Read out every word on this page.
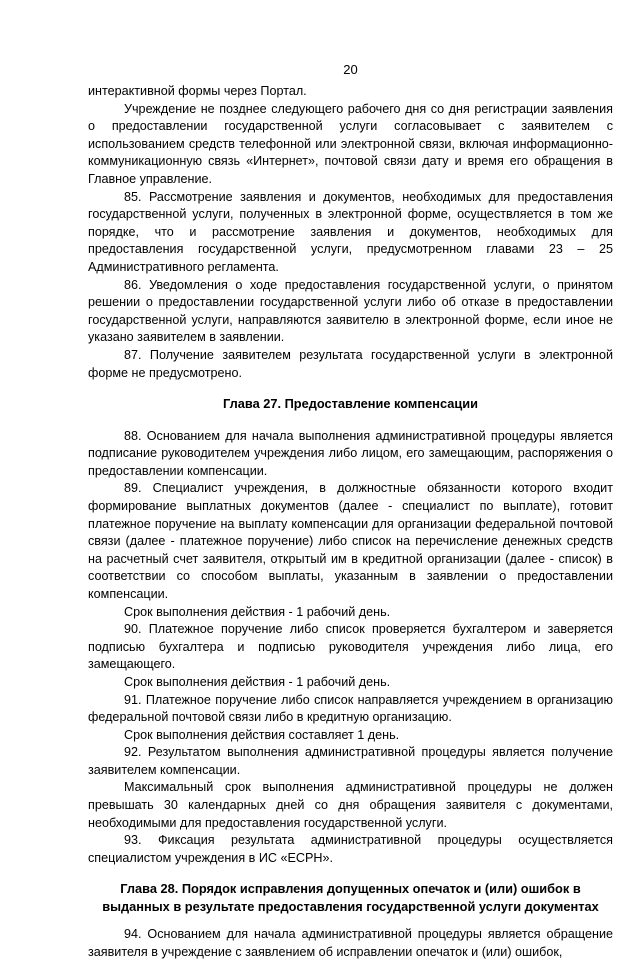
20

интерактивной формы через Портал.

Учреждение не позднее следующего рабочего дня со дня регистрации заявления о предоставлении государственной услуги согласовывает с заявителем с использованием средств телефонной или электронной связи, включая информационно-коммуникационную связь «Интернет», почтовой связи дату и время его обращения в Главное управление.

85. Рассмотрение заявления и документов, необходимых для предоставления государственной услуги, полученных в электронной форме, осуществляется в том же порядке, что и рассмотрение заявления и документов, необходимых для предоставления государственной услуги, предусмотренном главами 23 – 25 Административного регламента.

86. Уведомления о ходе предоставления государственной услуги, о принятом решении о предоставлении государственной услуги либо об отказе в предоставлении государственной услуги, направляются заявителю в электронной форме, если иное не указано заявителем в заявлении.

87. Получение заявителем результата государственной услуги в электронной форме не предусмотрено.

Глава 27. Предоставление компенсации

88. Основанием для начала выполнения административной процедуры является подписание руководителем учреждения либо лицом, его замещающим, распоряжения о предоставлении компенсации.

89. Специалист учреждения, в должностные обязанности которого входит формирование выплатных документов (далее - специалист по выплате), готовит платежное поручение на выплату компенсации для организации федеральной почтовой связи (далее - платежное поручение) либо список на перечисление денежных средств на расчетный счет заявителя, открытый им в кредитной организации (далее - список) в соответствии со способом выплаты, указанным в заявлении о предоставлении компенсации.

Срок выполнения действия - 1 рабочий день.

90. Платежное поручение либо список проверяется бухгалтером и заверяется подписью бухгалтера и подписью руководителя учреждения либо лица, его замещающего.

Срок выполнения действия - 1 рабочий день.

91. Платежное поручение либо список направляется учреждением в организацию федеральной почтовой связи либо в кредитную организацию.

Срок выполнения действия составляет 1 день.

92. Результатом выполнения административной процедуры является получение заявителем компенсации.

Максимальный срок выполнения административной процедуры не должен превышать 30 календарных дней со дня обращения заявителя с документами, необходимыми для предоставления государственной услуги.

93. Фиксация результата административной процедуры осуществляется специалистом учреждения в ИС «ЕСРН».

Глава 28. Порядок исправления допущенных опечаток и (или) ошибок в
выданных в результате предоставления государственной услуги документах

94. Основанием для начала административной процедуры является обращение заявителя в учреждение с заявлением об исправлении опечаток и (или) ошибок,
